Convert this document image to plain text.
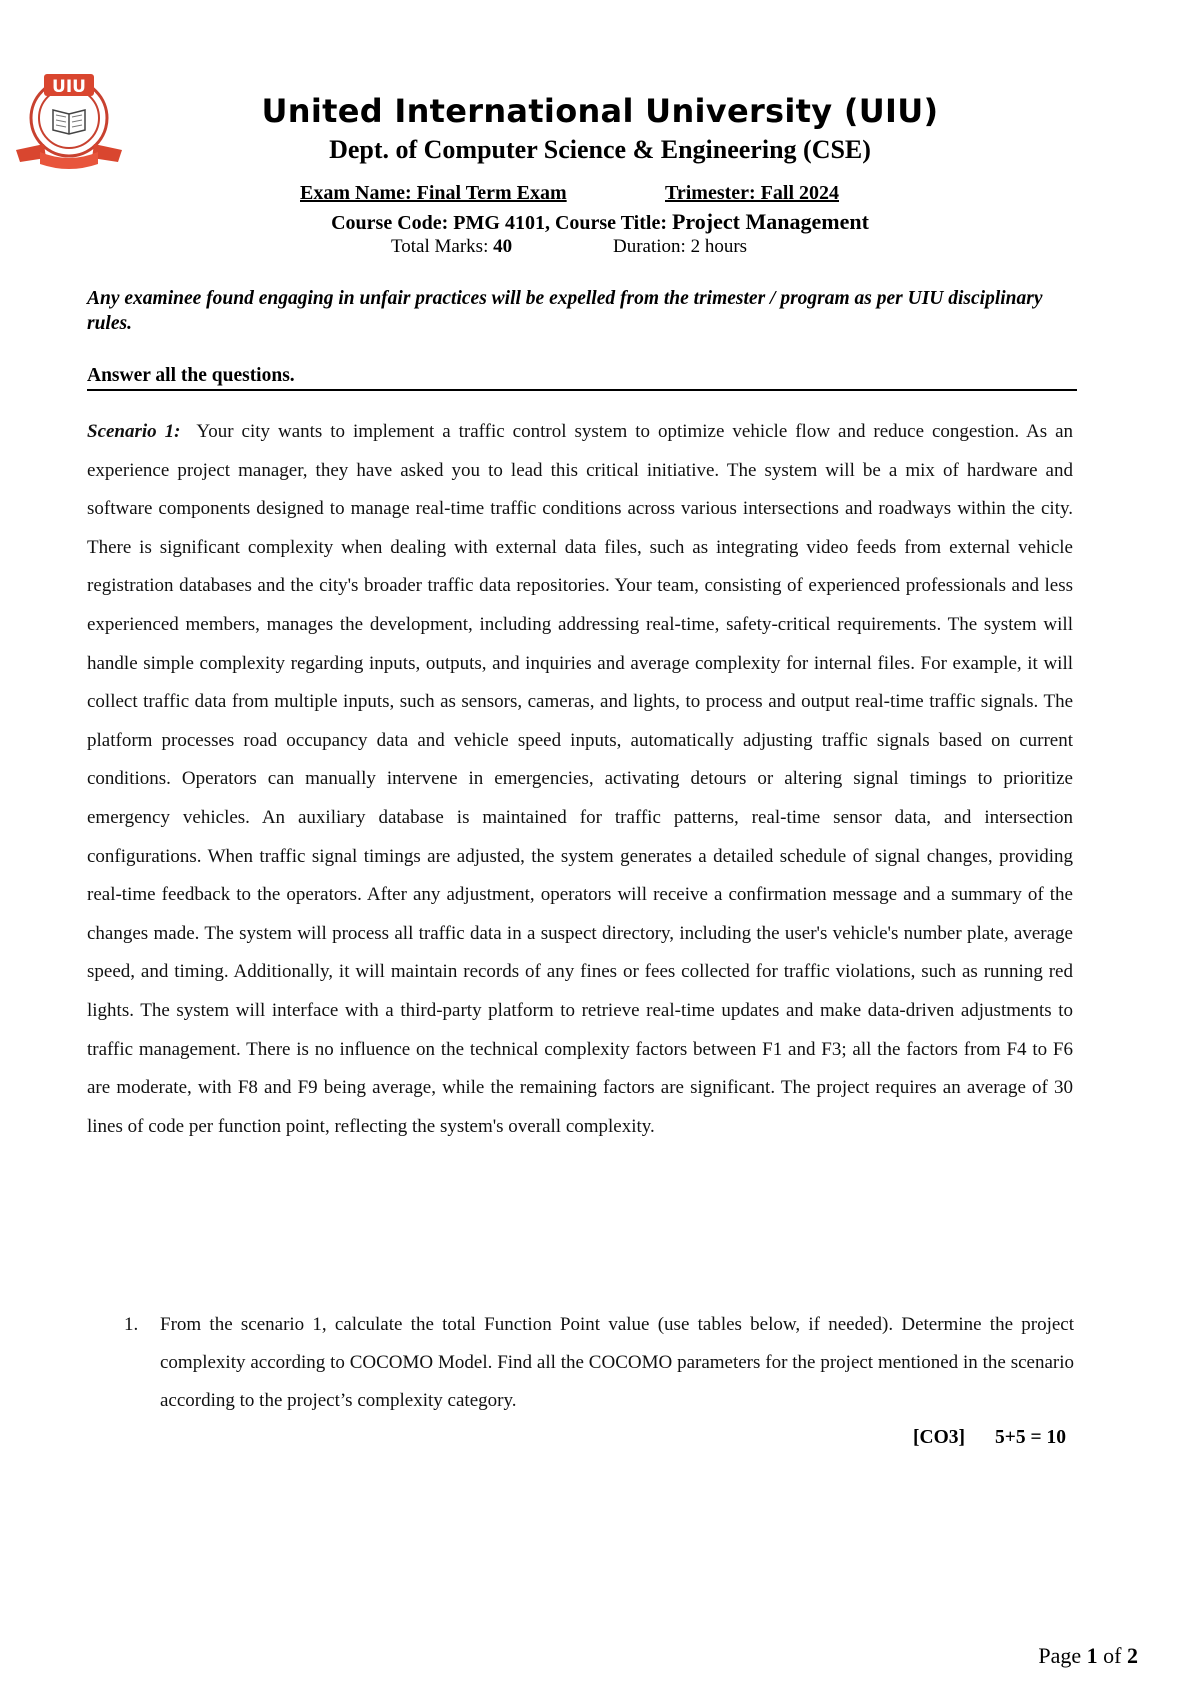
UIU
United International University (UIU)
Dept. of Computer Science & Engineering (CSE)
Exam Name: Final Term Exam	Trimester: Fall 2024
Course Code: PMG 4101, Course Title: Project Management
Total Marks: 40	Duration: 2 hours
Any examinee found engaging in unfair practices will be expelled from the trimester / program as per UIU disciplinary rules.
Answer all the questions.
Scenario 1: Your city wants to implement a traffic control system to optimize vehicle flow and reduce congestion. As an experience project manager, they have asked you to lead this critical initiative. The system will be a mix of hardware and software components designed to manage real-time traffic conditions across various intersections and roadways within the city. There is significant complexity when dealing with external data files, such as integrating video feeds from external vehicle registration databases and the city's broader traffic data repositories. Your team, consisting of experienced professionals and less experienced members, manages the development, including addressing real-time, safety-critical requirements. The system will handle simple complexity regarding inputs, outputs, and inquiries and average complexity for internal files. For example, it will collect traffic data from multiple inputs, such as sensors, cameras, and lights, to process and output real-time traffic signals. The platform processes road occupancy data and vehicle speed inputs, automatically adjusting traffic signals based on current conditions. Operators can manually intervene in emergencies, activating detours or altering signal timings to prioritize emergency vehicles. An auxiliary database is maintained for traffic patterns, real-time sensor data, and intersection configurations. When traffic signal timings are adjusted, the system generates a detailed schedule of signal changes, providing real-time feedback to the operators. After any adjustment, operators will receive a confirmation message and a summary of the changes made. The system will process all traffic data in a suspect directory, including the user's vehicle's number plate, average speed, and timing. Additionally, it will maintain records of any fines or fees collected for traffic violations, such as running red lights. The system will interface with a third-party platform to retrieve real-time updates and make data-driven adjustments to traffic management. There is no influence on the technical complexity factors between F1 and F3; all the factors from F4 to F6 are moderate, with F8 and F9 being average, while the remaining factors are significant. The project requires an average of 30 lines of code per function point, reflecting the system's overall complexity.
1. From the scenario 1, calculate the total Function Point value (use tables below, if needed). Determine the project complexity according to COCOMO Model. Find all the COCOMO parameters for the project mentioned in the scenario according to the project’s complexity category.
[CO3] 5+5 = 10
Page 1 of 2
